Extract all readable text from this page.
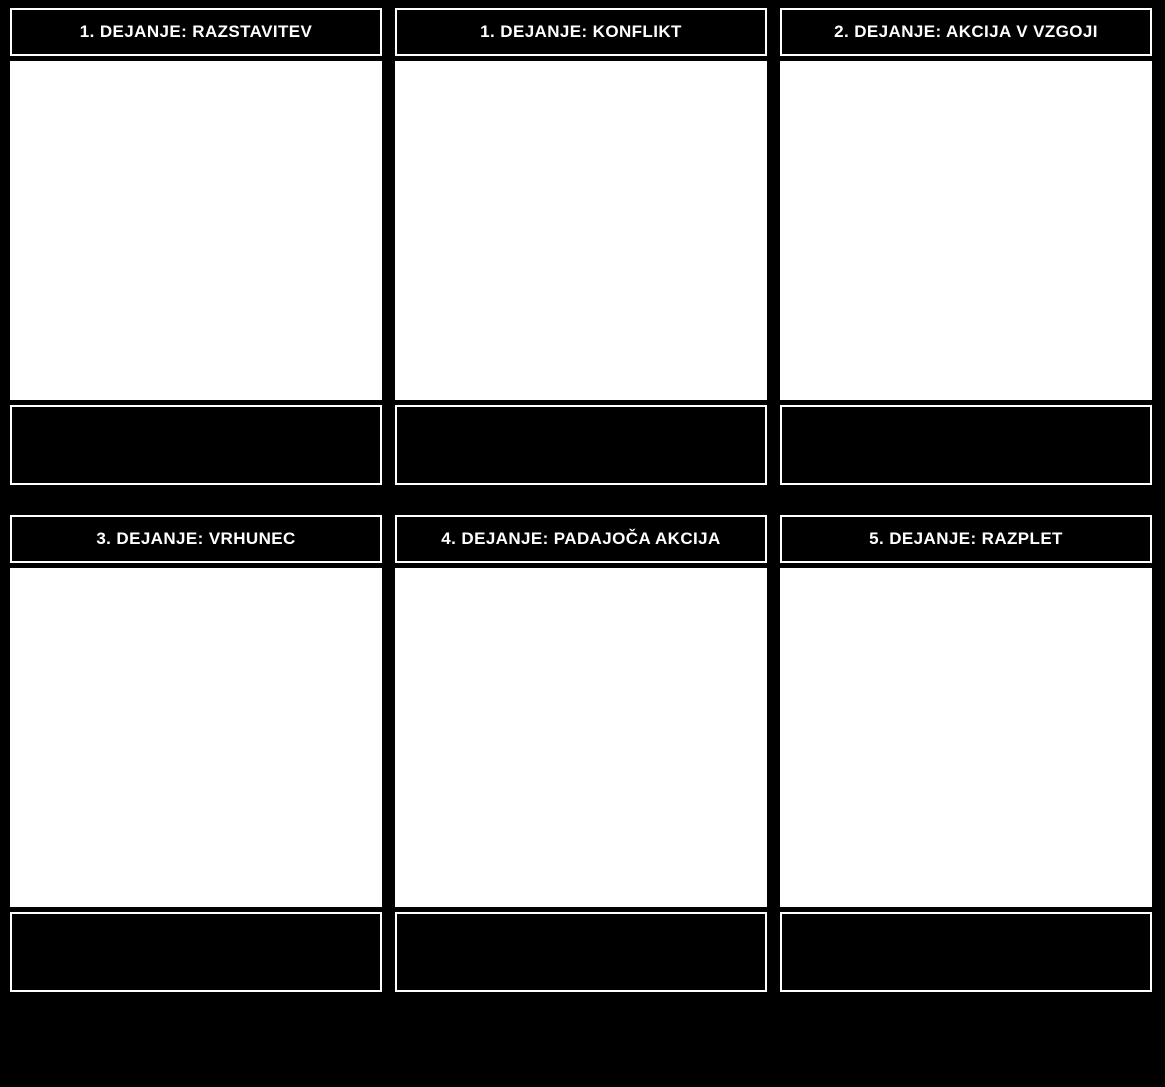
1. DEJANJE: RAZSTAVITEV	1. DEJANJE: KONFLIKT	2. DEJANJE: AKCIJA V VZGOJI
3. DEJANJE: VRHUNEC	4. DEJANJE: PADAJOČA AKCIJA	5. DEJANJE: RAZPLET
